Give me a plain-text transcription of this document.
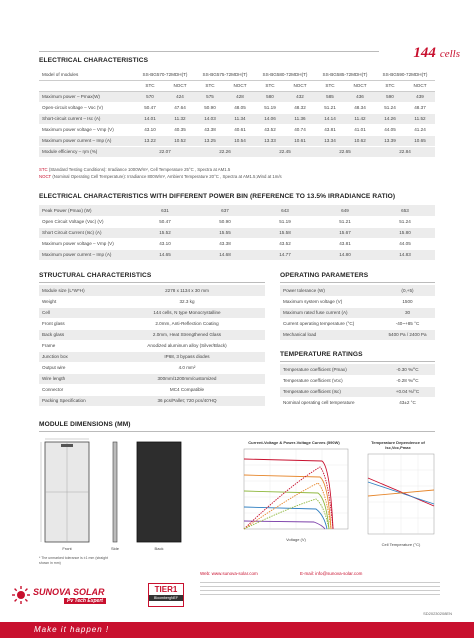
144 cells
ELECTRICAL CHARACTERISTICS
Model of modules	SS-BG570-72MDH(T)		SS-BG575-72MDH(T)		SS-BG580-72MDH(T)		SS-BG585-72MDH(T)		SS-BG590-72MDH(T)	
	STC	NOCT	STC	NOCT	STC	NOCT	STC	NOCT	STC	NOCT
Maximum power – Pmax(W)	570	424	575	428	580	432	585	436	590	439
Open-circuit voltage – Voc (V)	50.47	47.64	50.90	48.05	51.19	48.32	51.21	48.34	51.24	48.37
Short-circuit current – Isc (A)	14.01	11.32	14.03	11.34	14.06	11.36	14.14	11.42	14.26	11.52
Maximum power voltage – Vmp (V)	43.10	40.35	43.38	40.61	43.52	40.74	43.81	41.01	44.05	41.24
Maximum power current – Imp (A)	13.22	10.52	13.25	10.54	13.33	10.61	13.34	10.62	13.39	10.65
Module efficiency – ηm (%)	22.07		22.26		22.45		22.65		22.84	
STC (Standard Testing Conditions): Irradiance 1000W/m², Cell Temperature 25°C , Spectra at AM1.5
NOCT (Nominal Operating Cell Temperature): Irradiance 800W/m², Ambient Temperature 20°C , Spectra at AM1.5,Wind at 1m/s
ELECTRICAL CHARACTERISTICS WITH DIFFERENT POWER BIN (REFERENCE TO 13.5% IRRADIANCE RATIO)
Peak Power (Pmax) (W)	631	637	643	649	653
Open Circuit Voltage (Voc) (V)	50.47	50.90	51.19	51.21	51.24
Short Circuit Current (Isc) (A)	15.52	15.55	15.58	15.67	15.80
Maximum power voltage – Vmp (V)	43.10	43.38	43.52	43.81	44.05
Maximum power current – Imp (A)	14.65	14.68	14.77	14.80	14.83
STRUCTURAL CHARACTERISTICS
Module size (L*W*H)	2278 x 1134 x 30 mm
Weight	32.3 kg
Cell	144 cells, N type Monocrystalline
Front glass	2.0mm, Anti-Reflection Coating
Back glass	2.0mm, Heat Strengthened Glass
Frame	Anodized aluminum alloy (Silver/Black)
Junction box	IP68, 3 bypass diodes
Output wire	4.0 mm²
Wire length	300mm/1200mm/customized
Connector	MC4 Compatible
Packing Specification	36 pcs/Pallet; 720 pcs/40'HQ
OPERATING PARAMETERS
Power tolerance (W)	(0,+5)
Maximum system voltage (V)	1500
Maximum rated fuse current (A)	30
Current operating temperature (°C)	-40~+85 °C
Mechanical load	5400 Pa / 2400 Pa
TEMPERATURE RATINGS
Temperature coefficient (Pmax)	-0.30 %/°C
Temperature coefficient (Voc)	-0.28 %/°C
Temperature coefficient (Isc)	+0.04 %/°C
Nominal operating cell temperature	43±2 °C
MODULE DIMENSIONS (MM)
Front	Side	Back
* The unmarked tolerance is ±1 mm (straight shown in mm)
Current-Voltage & Power-Voltage Curves (590W)
Voltage (V)
Temperature Dependence of Isc,Voc,Pmax
Cell Temperature (°C)
Web: www.sunova-solar.com	E-mail: info@sunova-solar.com
SUNOVA SOLAR
Pv Tech Expert
TIER1
BloombergNEF
SD20230208EN
Make it happen !
